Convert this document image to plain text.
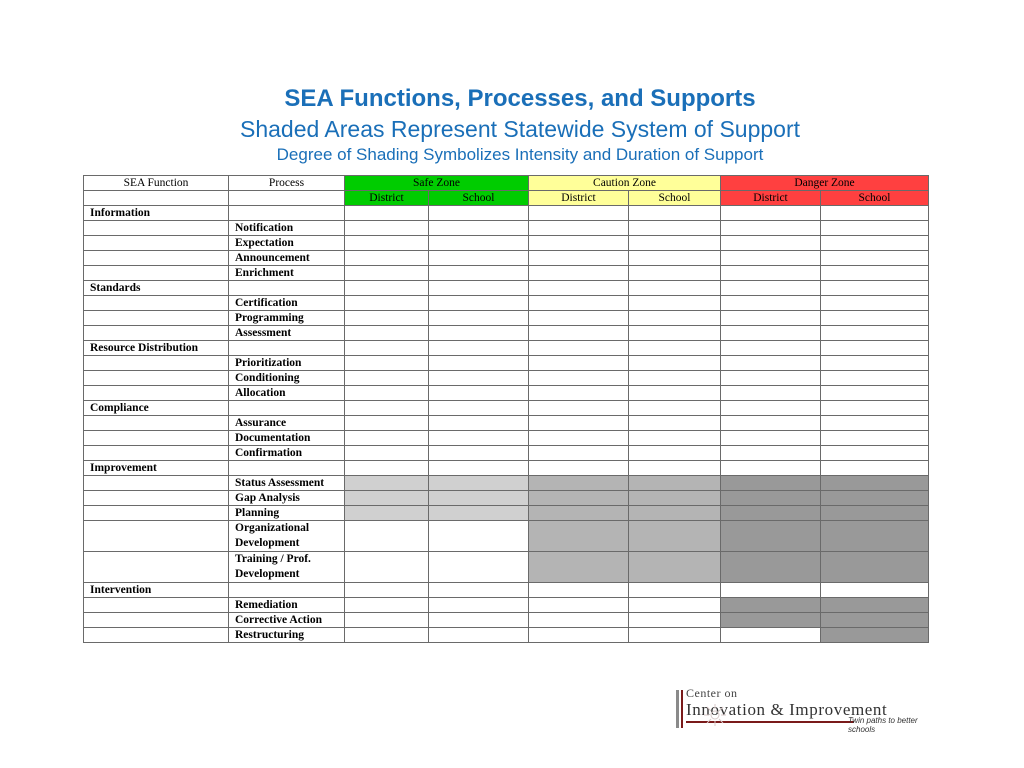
SEA Functions, Processes, and Supports
Shaded Areas Represent Statewide System of Support
Degree of Shading Symbolizes Intensity and Duration of Support
SEA Function	Process	Safe Zone		Caution Zone		Danger Zone	
		District	School	District	School	District	School
Information							
	Notification						
	Expectation						
	Announcement						
	Enrichment						
Standards							
	Certification						
	Programming						
	Assessment						
Resource Distribution							
	Prioritization						
	Conditioning						
	Allocation						
Compliance							
	Assurance						
	Documentation						
	Confirmation						
Improvement							
	Status Assessment						
	Gap Analysis						
	Planning						
	Organizational Development						
	Training / Prof. Development						
Intervention							
	Remediation						
	Corrective Action						
	Restructuring						
Center on
Innovation & Improvement
Twin paths to better schools
